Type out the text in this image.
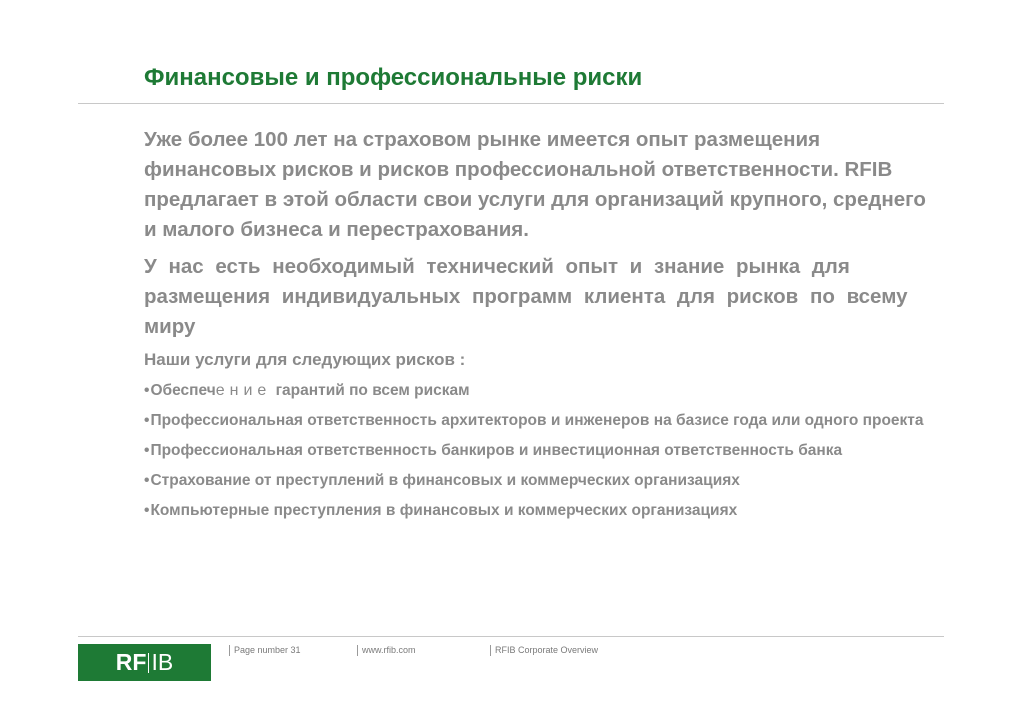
Финансовые и профессиональные риски

Уже более 100 лет на страховом рынке имеется опыт размещения финансовых рисков и рисков профессиональной ответственности. RFIB предлагает в этой области свои услуги для организаций крупного, среднего и малого бизнеса и перестрахования.

У нас есть необходимый технический опыт и знание рынка для размещения индивидуальных программ клиента для рисков по всему миру

Наши услуги для следующих рисков :
•Обеспечение гарантий по всем рискам
•Профессиональная ответственность архитекторов и инженеров на базисе года или одного проекта
•Профессиональная ответственность банкиров и инвестиционная ответственность банка
•Страхование от преступлений в финансовых и коммерческих организациях
•Компьютерные преступления в финансовых и коммерческих организациях
RF IB	Page number 31	www.rfib.com	RFIB Corporate Overview
